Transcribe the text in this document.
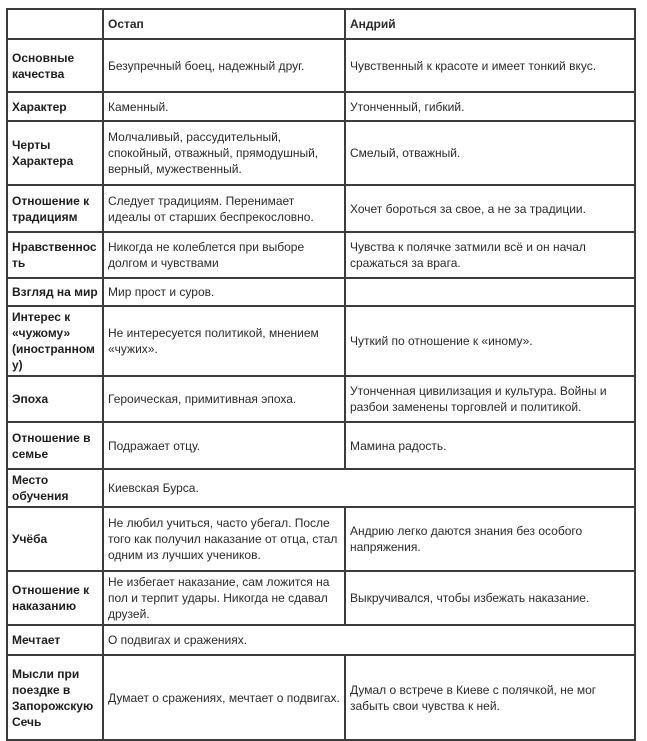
	Остап	Андрий
Основные качества	Безупречный боец, надежный друг.	Чувственный к красоте и имеет тонкий вкус.
Характер	Каменный.	Утонченный, гибкий.
Черты Характера	Молчаливый, рассудительный, спокойный, отважный, прямодушный, верный, мужественный.	Смелый, отважный.
Отношение к традициям	Следует традициям. Перенимает идеалы от старших беспрекословно.	Хочет бороться за свое, а не за традиции.
Нравственность	Никогда не колеблется при выборе долгом и чувствами	Чувства к полячке затмили всё и он начал сражаться за врага.
Взгляд на мир	Мир прост и суров.	
Интерес к «чужому» (иностранному)	Не интересуется политикой, мнением «чужих».	Чуткий по отношение к «иному».
Эпоха	Героическая, примитивная эпоха.	Утонченная цивилизация и культура. Войны и разбои заменены торговлей и политикой.
Отношение в семье	Подражает отцу.	Мамина радость.
Место обучения	Киевская Бурса.	
Учёба	Не любил учиться, часто убегал. После того как получил наказание от отца, стал одним из лучших учеников.	Андрию легко даются знания без особого напряжения.
Отношение к наказанию	Не избегает наказание, сам ложится на пол и терпит удары. Никогда не сдавал друзей.	Выкручивался, чтобы избежать наказание.
Мечтает	О подвигах и сражениях.	
Мысли при поездке в Запорожскую Сечь	Думает о сражениях, мечтает о подвигах.	Думал о встрече в Киеве с полячкой, не мог забыть свои чувства к ней.
